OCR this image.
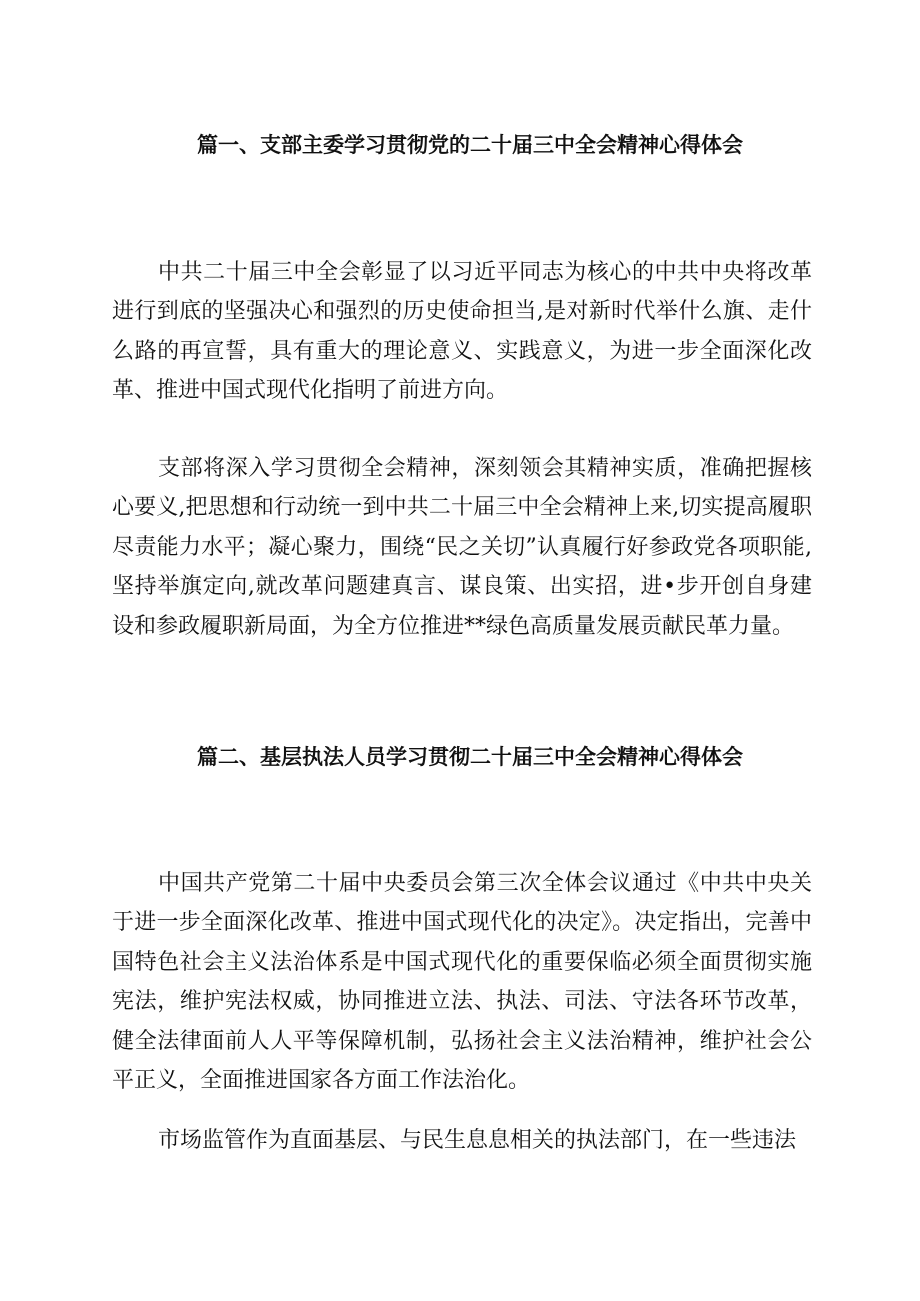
篇一、支部主委学习贯彻党的二十届三中全会精神心得体会

中共二十届三中全会彰显了以习近平同志为核心的中共中央将改革进行到底的坚强决心和强烈的历史使命担当,是对新时代举什么旗、走什么路的再宣誓，具有重大的理论意义、实践意义，为进一步全面深化改革、推进中国式现代化指明了前进方向。

支部将深入学习贯彻全会精神，深刻领会其精神实质，准确把握核心要义,把思想和行动统一到中共二十届三中全会精神上来,切实提高履职尽责能力水平；凝心聚力，围绕“民之关切”认真履行好参政党各项职能,坚持举旗定向,就改革问题建真言、谋良策、出实招，进•步开创自身建设和参政履职新局面，为全方位推进**绿色高质量发展贡献民革力量。

篇二、基层执法人员学习贯彻二十届三中全会精神心得体会

中国共产党第二十届中央委员会第三次全体会议通过《中共中央关于进一步全面深化改革、推进中国式现代化的决定》。决定指出，完善中国特色社会主义法治体系是中国式现代化的重要保临必须全面贯彻实施宪法，维护宪法权威，协同推进立法、执法、司法、守法各环节改革，健全法律面前人人平等保障机制，弘扬社会主义法治精神，维护社会公平正义，全面推进国家各方面工作法治化。

市场监管作为直面基层、与民生息息相关的执法部门，在一些违法
